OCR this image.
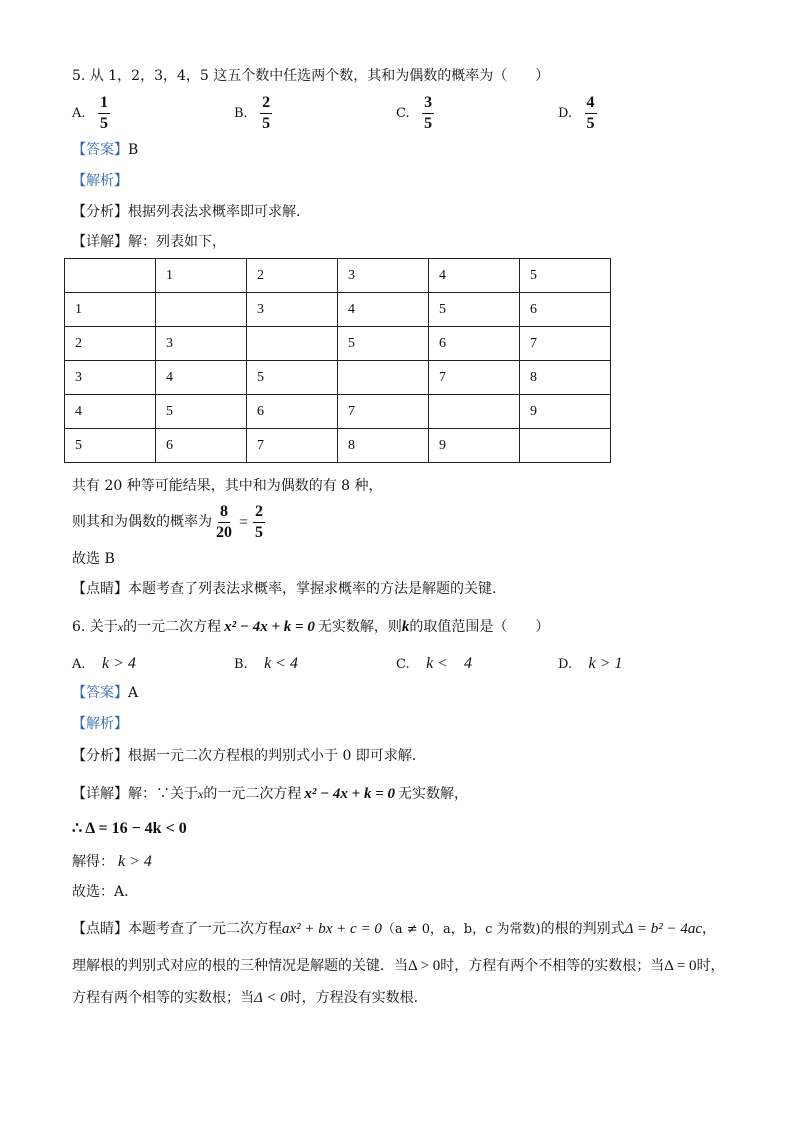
5. 从 1，2，3，4，5 这五个数中任选两个数，其和为偶数的概率为（　　）
A. $\frac{1}{5}$	B. $\frac{2}{5}$	C. $\frac{3}{5}$	D. $\frac{4}{5}$
【答案】B
【解析】
【分析】根据列表法求概率即可求解.
【详解】解：列表如下，
	1	2	3	4	5
1		3	4	5	6
2	3		5	6	7
3	4	5		7	8
4	5	6	7		9
5	6	7	8	9	
共有 20 种等可能结果，其中和为偶数的有 8 种，
则其和为偶数的概率为 $\frac{8}{20} = \frac{2}{5}$
故选 B
【点睛】本题考查了列表法求概率，掌握求概率的方法是解题的关键.
6. 关于x的一元二次方程 x² − 4x + k = 0 无实数解，则k的取值范围是（　　）
A. k > 4	B. k < 4	C. k <　4	D. k > 1
【答案】A
【解析】
【分析】根据一元二次方程根的判别式小于 0 即可求解.
【详解】解：∵关于x的一元二次方程 x² − 4x + k = 0 无实数解，
∴ Δ = 16 − 4k < 0
解得： k > 4
故选：A.
【点睛】本题考查了一元二次方程ax² + bx + c = 0（a ≠ 0，a，b，c 为常数)的根的判别式Δ = b² − 4ac，
理解根的判别式对应的根的三种情况是解题的关键．当Δ > 0时，方程有两个不相等的实数根；当Δ = 0时，
方程有两个相等的实数根；当Δ < 0时，方程没有实数根.
